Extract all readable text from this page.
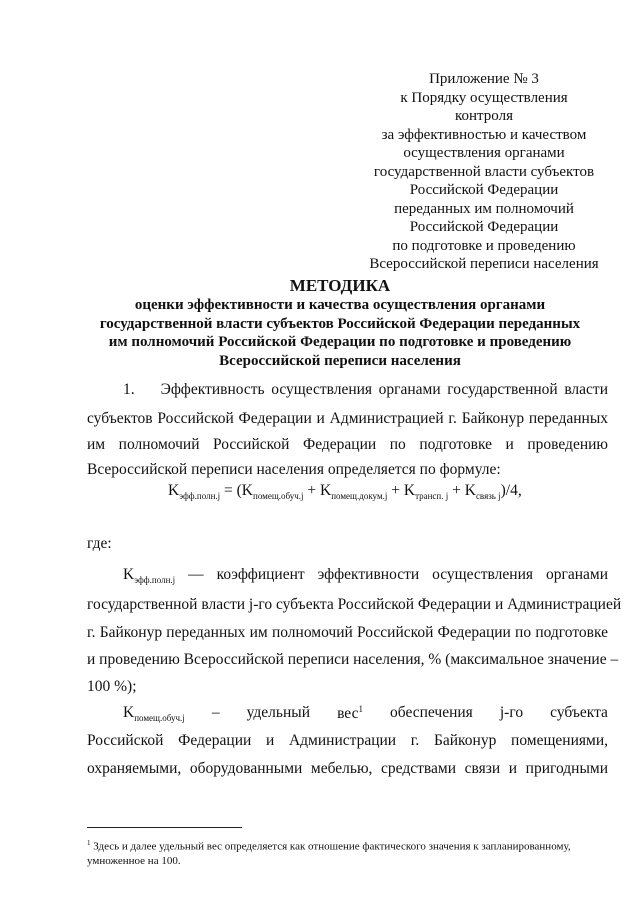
Приложение № 3
к Порядку осуществления
контроля
за эффективностью и качеством
осуществления органами
государственной власти субъектов
Российской Федерации
переданных им полномочий
Российской Федерации
по подготовке и проведению
Всероссийской переписи населения
МЕТОДИКА
оценки эффективности и качества осуществления органами
государственной власти субъектов Российской Федерации переданных
им полномочий Российской Федерации по подготовке и проведению
Всероссийской переписи населения
1. Эффективность осуществления органами государственной власти
субъектов Российской Федерации и Администрацией г. Байконур переданных
им полномочий Российской Федерации по подготовке и проведению
Всероссийской переписи населения определяется по формуле:
$K_{эфф.полн.j} = (K_{помещ.обуч.j} + K_{помещ.докум.j} + K_{трансп. j} + K_{связь j})/4$,
где:
$K_{эфф.полн.j}$ — коэффициент эффективности осуществления органами
государственной власти j-го субъекта Российской Федерации и Администрацией
г. Байконур переданных им полномочий Российской Федерации по подготовке
и проведению Всероссийской переписи населения, % (максимальное значение –
100 %);
$K_{помещ.обуч.j}$ – удельный вес$^1$ обеспечения j-го субъекта
Российской Федерации и Администрации г. Байконур помещениями,
охраняемыми, оборудованными мебелью, средствами связи и пригодными
$^1$ Здесь и далее удельный вес определяется как отношение фактического значения к запланированному, умноженное на 100.
